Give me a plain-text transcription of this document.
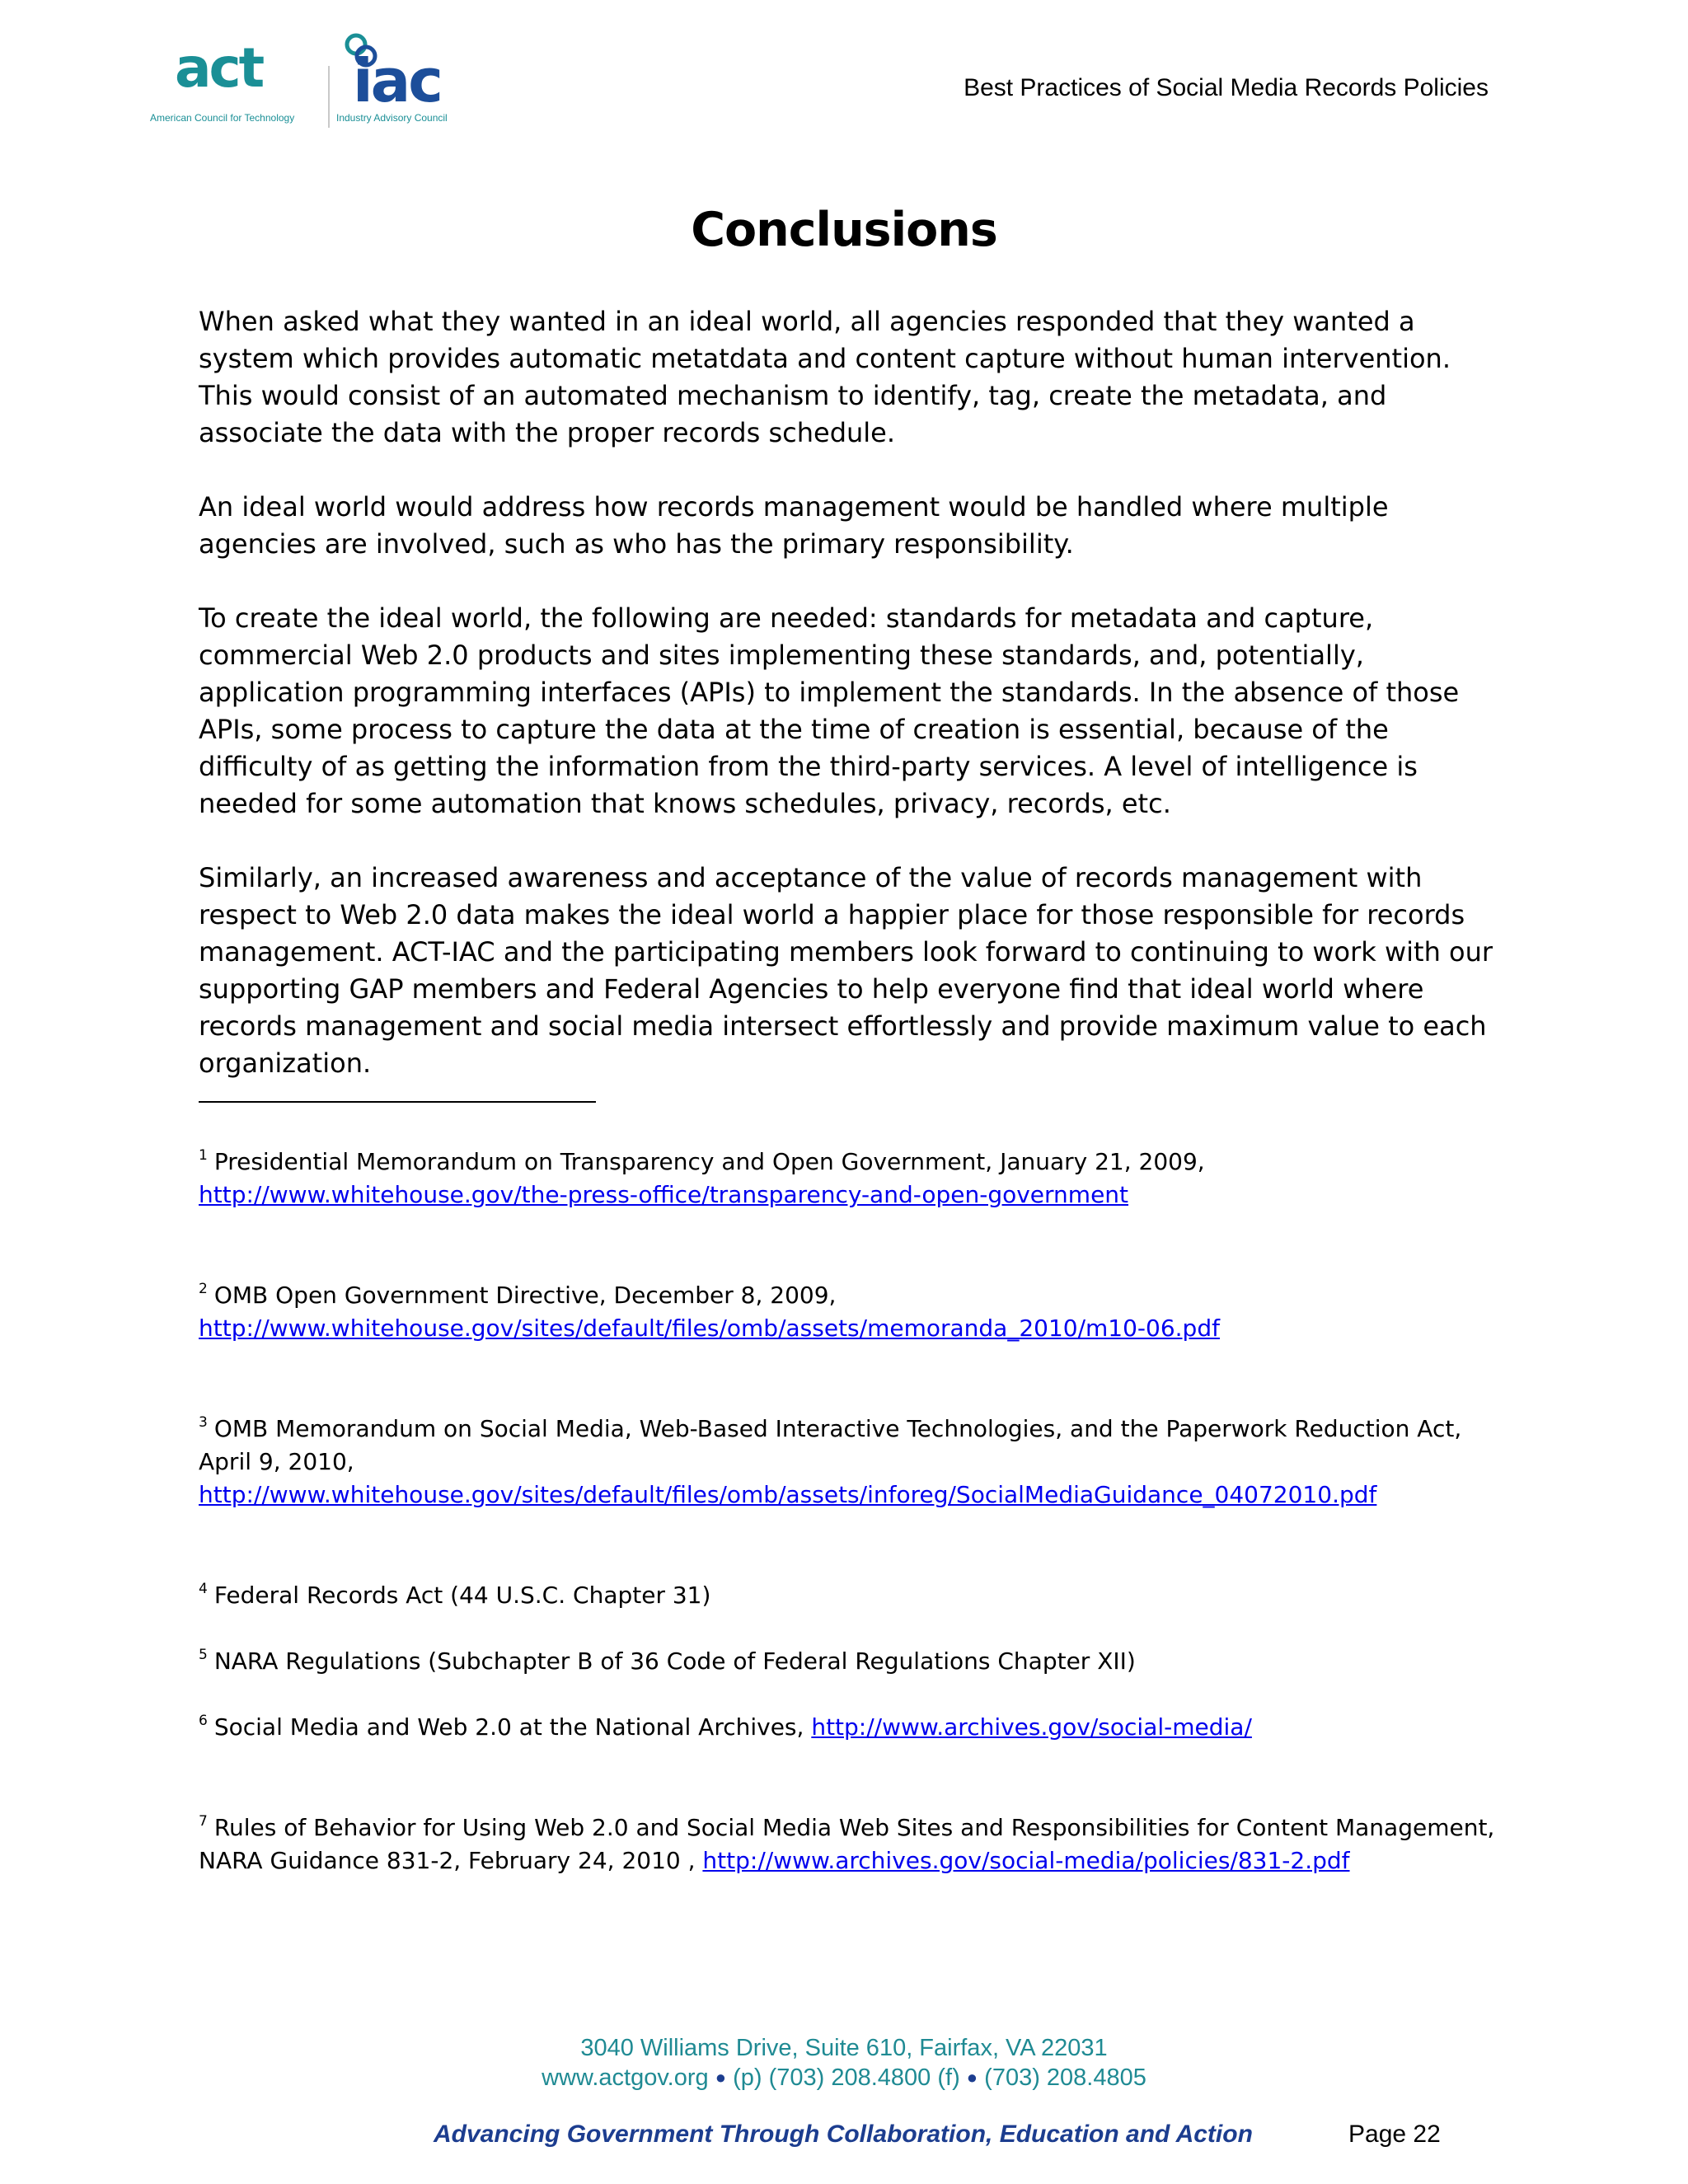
act
American Council for Technology
iac
Industry Advisory Council
Best Practices of Social Media Records Policies
Conclusions

When asked what they wanted in an ideal world, all agencies responded that they wanted a system which provides automatic metatdata and content capture without human intervention. This would consist of an automated mechanism to identify, tag, create the metadata, and associate the data with the proper records schedule.

An ideal world would address how records management would be handled where multiple agencies are involved, such as who has the primary responsibility.

To create the ideal world, the following are needed: standards for metadata and capture, commercial Web 2.0 products and sites implementing these standards, and, potentially, application programming interfaces (APIs) to implement the standards. In the absence of those APIs, some process to capture the data at the time of creation is essential, because of the difficulty of as getting the information from the third-party services. A level of intelligence is needed for some automation that knows schedules, privacy, records, etc.

Similarly, an increased awareness and acceptance of the value of records management with respect to Web 2.0 data makes the ideal world a happier place for those responsible for records management. ACT-IAC and the participating members look forward to continuing to work with our supporting GAP members and Federal Agencies to help everyone find that ideal world where records management and social media intersect effortlessly and provide maximum value to each organization.

$^1$ Presidential Memorandum on Transparency and Open Government, January 21, 2009,
http://www.whitehouse.gov/the-press-office/transparency-and-open-government

$^2$ OMB Open Government Directive, December 8, 2009,
http://www.whitehouse.gov/sites/default/files/omb/assets/memoranda_2010/m10-06.pdf

$^3$ OMB Memorandum on Social Media, Web-Based Interactive Technologies, and the Paperwork Reduction Act, April 9, 2010,
http://www.whitehouse.gov/sites/default/files/omb/assets/inforeg/SocialMediaGuidance_04072010.pdf

$^4$ Federal Records Act (44 U.S.C. Chapter 31)

$^5$ NARA Regulations (Subchapter B of 36 Code of Federal Regulations Chapter XII)

$^6$ Social Media and Web 2.0 at the National Archives, http://www.archives.gov/social-media/

$^7$ Rules of Behavior for Using Web 2.0 and Social Media Web Sites and Responsibilities for Content Management, NARA Guidance 831-2, February 24, 2010 , http://www.archives.gov/social-media/policies/831-2.pdf

3040 Williams Drive, Suite 610, Fairfax, VA 22031
www.actgov.org ● (p) (703) 208.4800 (f) ● (703) 208.4805
Advancing Government Through Collaboration, Education and Action	Page 22
